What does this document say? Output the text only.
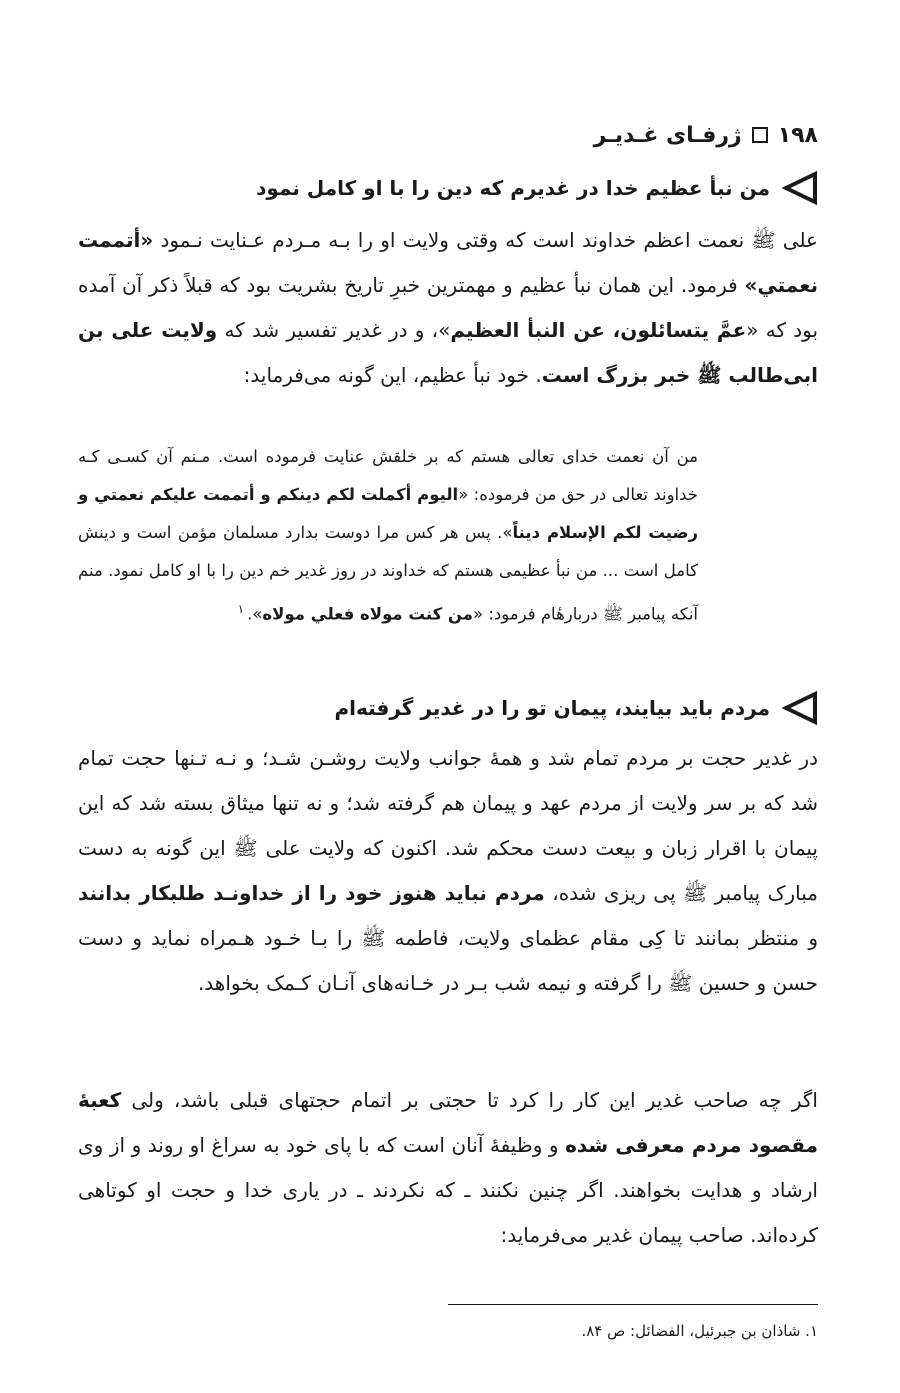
۱۹۸
ژرفـای غـدیـر
من نبأ عظیم خدا در غدیرم که دین را با او کامل نمود
علی ﷺ نعمت اعظم خداوند است که وقتی ولایت او را بـه مـردم عـنایت نـمود «أتممت نعمتي» فرمود. این همان نبأ عظیم و مهمترین خبرِ تاریخ بشریت بود که قبلاً ذکر آن آمده بود که «عمَّ یتسائلون، عن النبأ العظیم»، و در غدیر تفسیر شد که ولایت علی بن ابی‌طالب ﷺ خبر بزرگ است. خود نبأ عظیم، این گونه می‌فرماید:
من آن نعمت خدای تعالی هستم که بر خلقش عنایت فرموده است. مـنم آن کسـی کـه خداوند تعالی در حق من فرموده: «الیوم أکملت لکم دینکم و أتممت علیکم نعمتي و رضیت لکم الإسلام دیناً». پس هر کس مرا دوست بدارد مسلمان مؤمن است و دینش کامل است ... من نبأ عظیمی هستم که خداوند در روز غدیر خم دین را با او کامل نمود. منم آنکه پیامبر ﷺ دربارهٔام فرمود: «من کنت مولاه فعلي مولاه».$^۱$
مردم باید بیایند، پیمان تو را در غدیر گرفته‌ام
در غدیر حجت بر مردم تمام شد و همهٔ جوانب ولایت روشـن شـد؛ و نـه تـنها حجت تمام شد که بر سر ولایت از مردم عهد و پیمان هم گرفته شد؛ و نه تنها میثاق بسته شد که این پیمان با اقرار زبان و بیعت دست محکم شد. اکنون که ولایت علی ﷺ این گونه به دست مبارک پیامبر ﷺ پی ریزی شده، مردم نباید هنوز خود را از خداونـد طلبکار بدانند و منتظر بمانند تا کِی مقام عظمای ولایت، فاطمه ﷺ را بـا خـود هـمراه نماید و دست حسن و حسین ﷺ را گرفته و نیمه شب بـر در خـانه‌های آنـان کـمک بخواهد.
اگر چه صاحب غدیر این کار را کرد تا حجتی بر اتمام حجتهای قبلی باشد، ولی کعبهٔ مقصود مردم معرفی شده و وظیفهٔ آنان است که با پای خود به سراغ او روند و از وی ارشاد و هدایت بخواهند. اگر چنین نکنند ـ که نکردند ـ در یاری خدا و حجت او کوتاهی کرده‌اند. صاحب پیمان غدیر می‌فرماید:
۱. شاذان بن جبرئیل، الفضائل: ص ۸۴.
